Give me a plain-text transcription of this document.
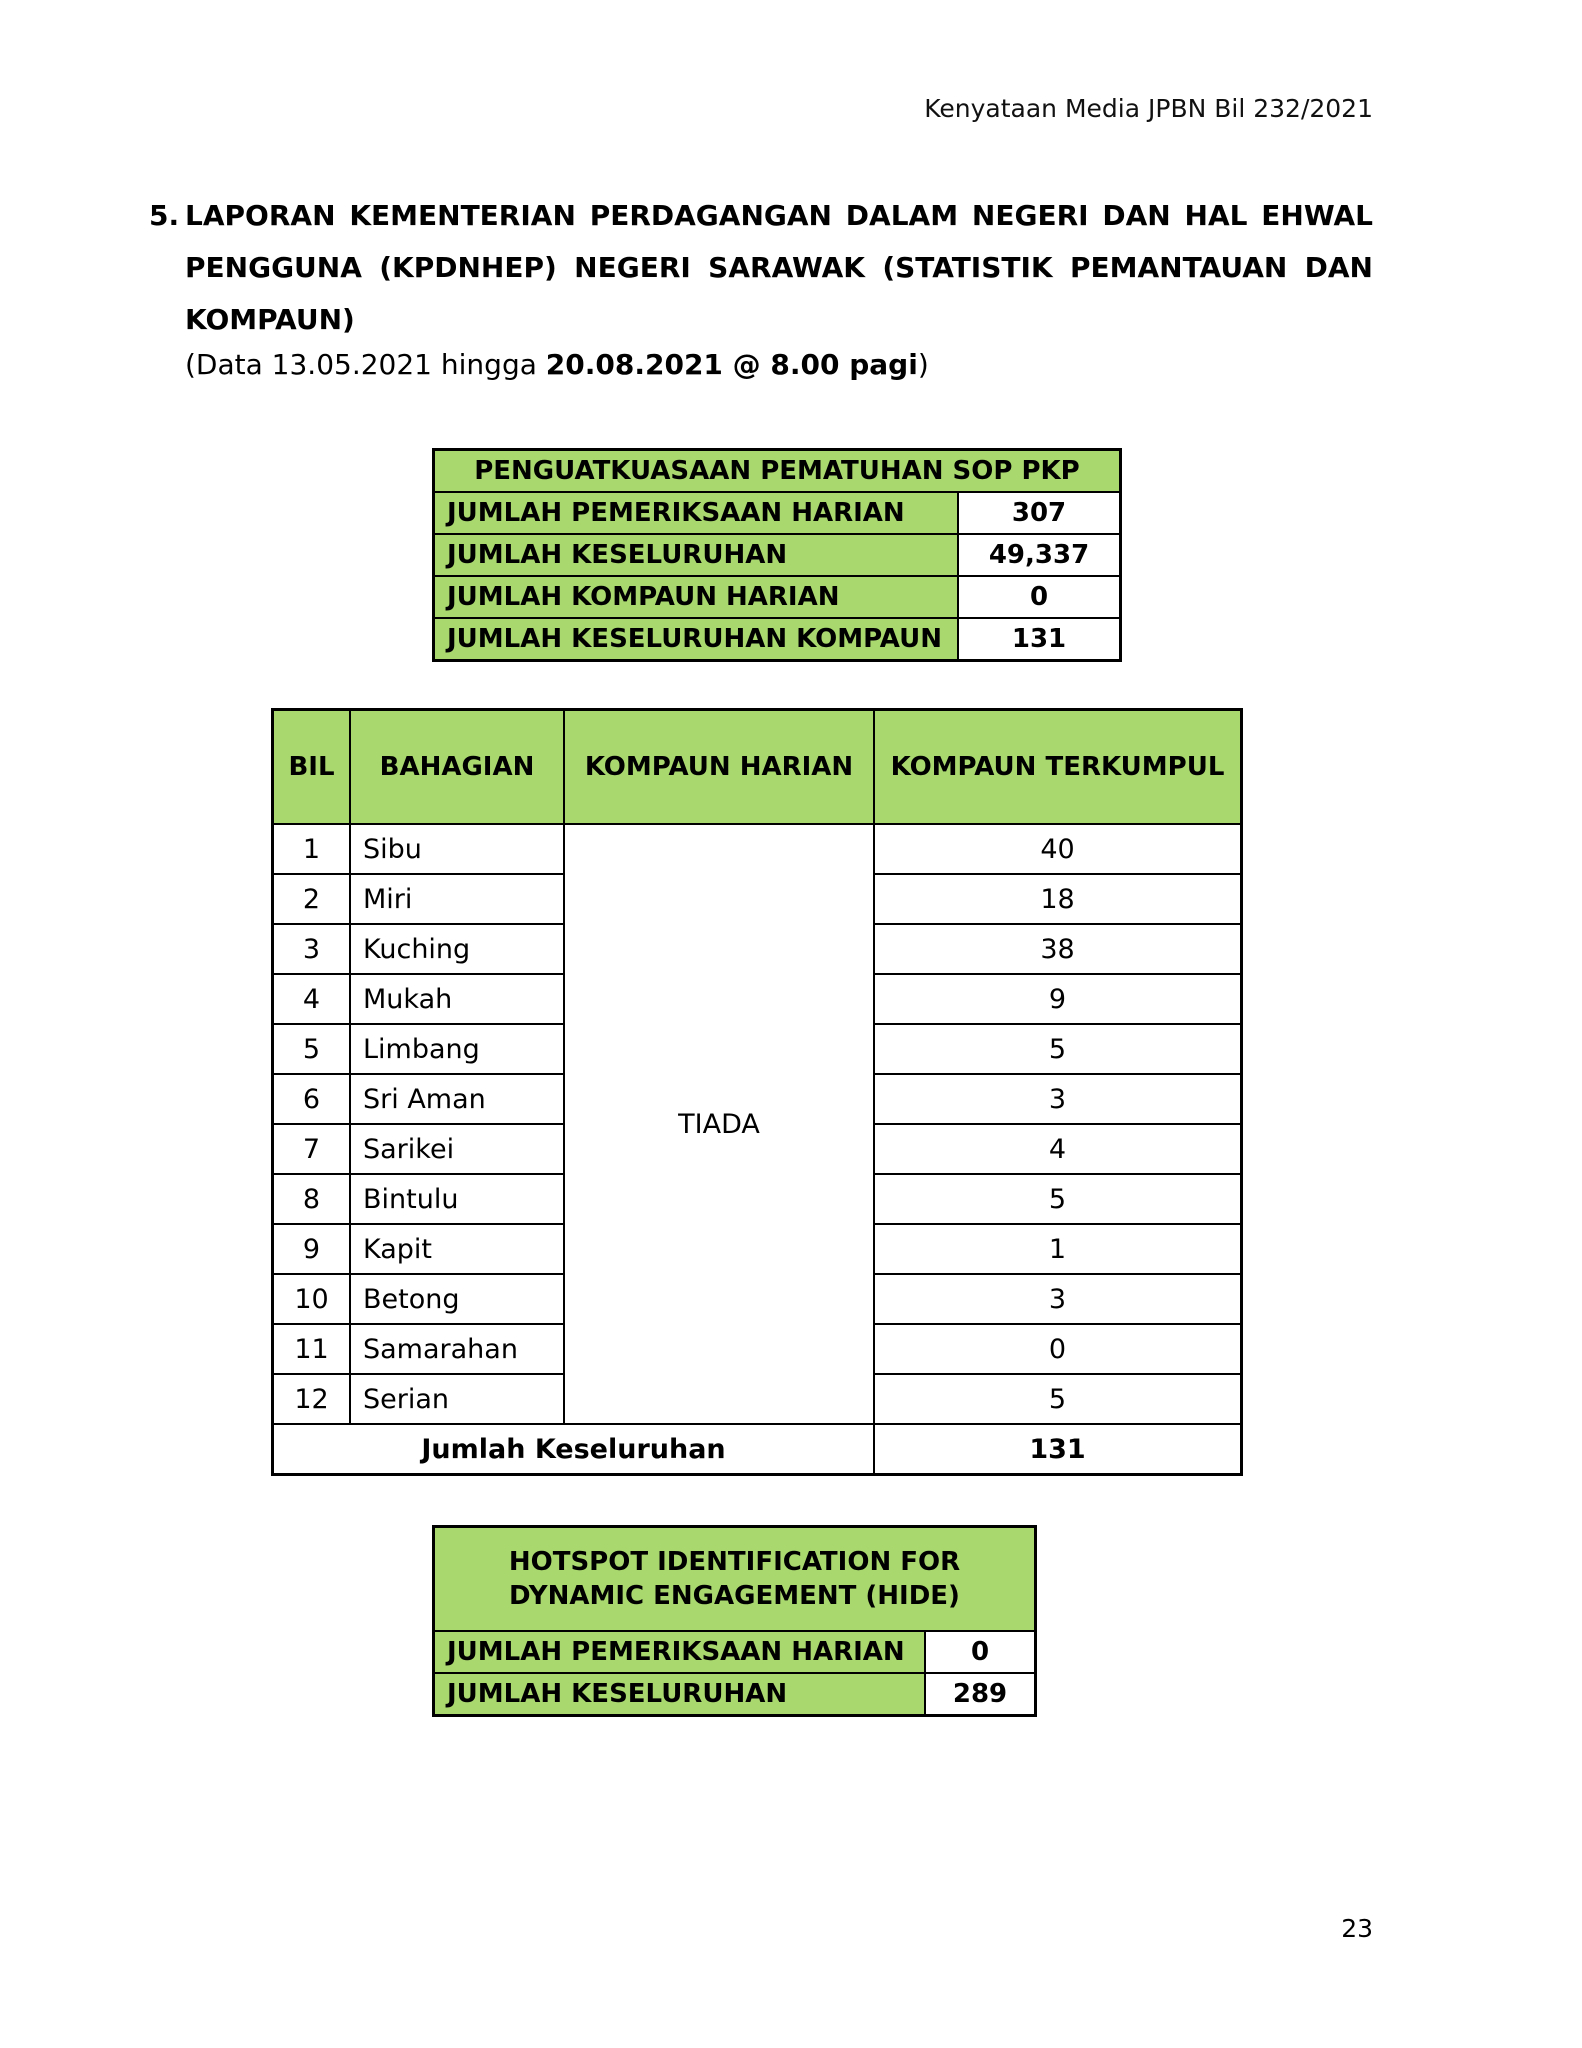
Kenyataan Media JPBN Bil 232/2021
5. LAPORAN KEMENTERIAN PERDAGANGAN DALAM NEGERI DAN HAL EHWAL PENGGUNA (KPDNHEP) NEGERI SARAWAK (STATISTIK PEMANTAUAN DAN KOMPAUN)
(Data 13.05.2021 hingga 20.08.2021 @ 8.00 pagi)
PENGUATKUASAAN PEMATUHAN SOP PKP	
JUMLAH PEMERIKSAAN HARIAN	307
JUMLAH KESELURUHAN	49,337
JUMLAH KOMPAUN HARIAN	0
JUMLAH KESELURUHAN KOMPAUN	131
BIL	BAHAGIAN	KOMPAUN HARIAN	KOMPAUN TERKUMPUL
1	Sibu	TIADA	40
2	Miri		18
3	Kuching		38
4	Mukah		9
5	Limbang		5
6	Sri Aman		3
7	Sarikei		4
8	Bintulu		5
9	Kapit		1
10	Betong		3
11	Samarahan		0
12	Serian		5
Jumlah Keseluruhan			131
HOTSPOT IDENTIFICATION FOR
DYNAMIC ENGAGEMENT (HIDE)	

JUMLAH PEMERIKSAAN HARIAN	0
JUMLAH KESELURUHAN	289
23
